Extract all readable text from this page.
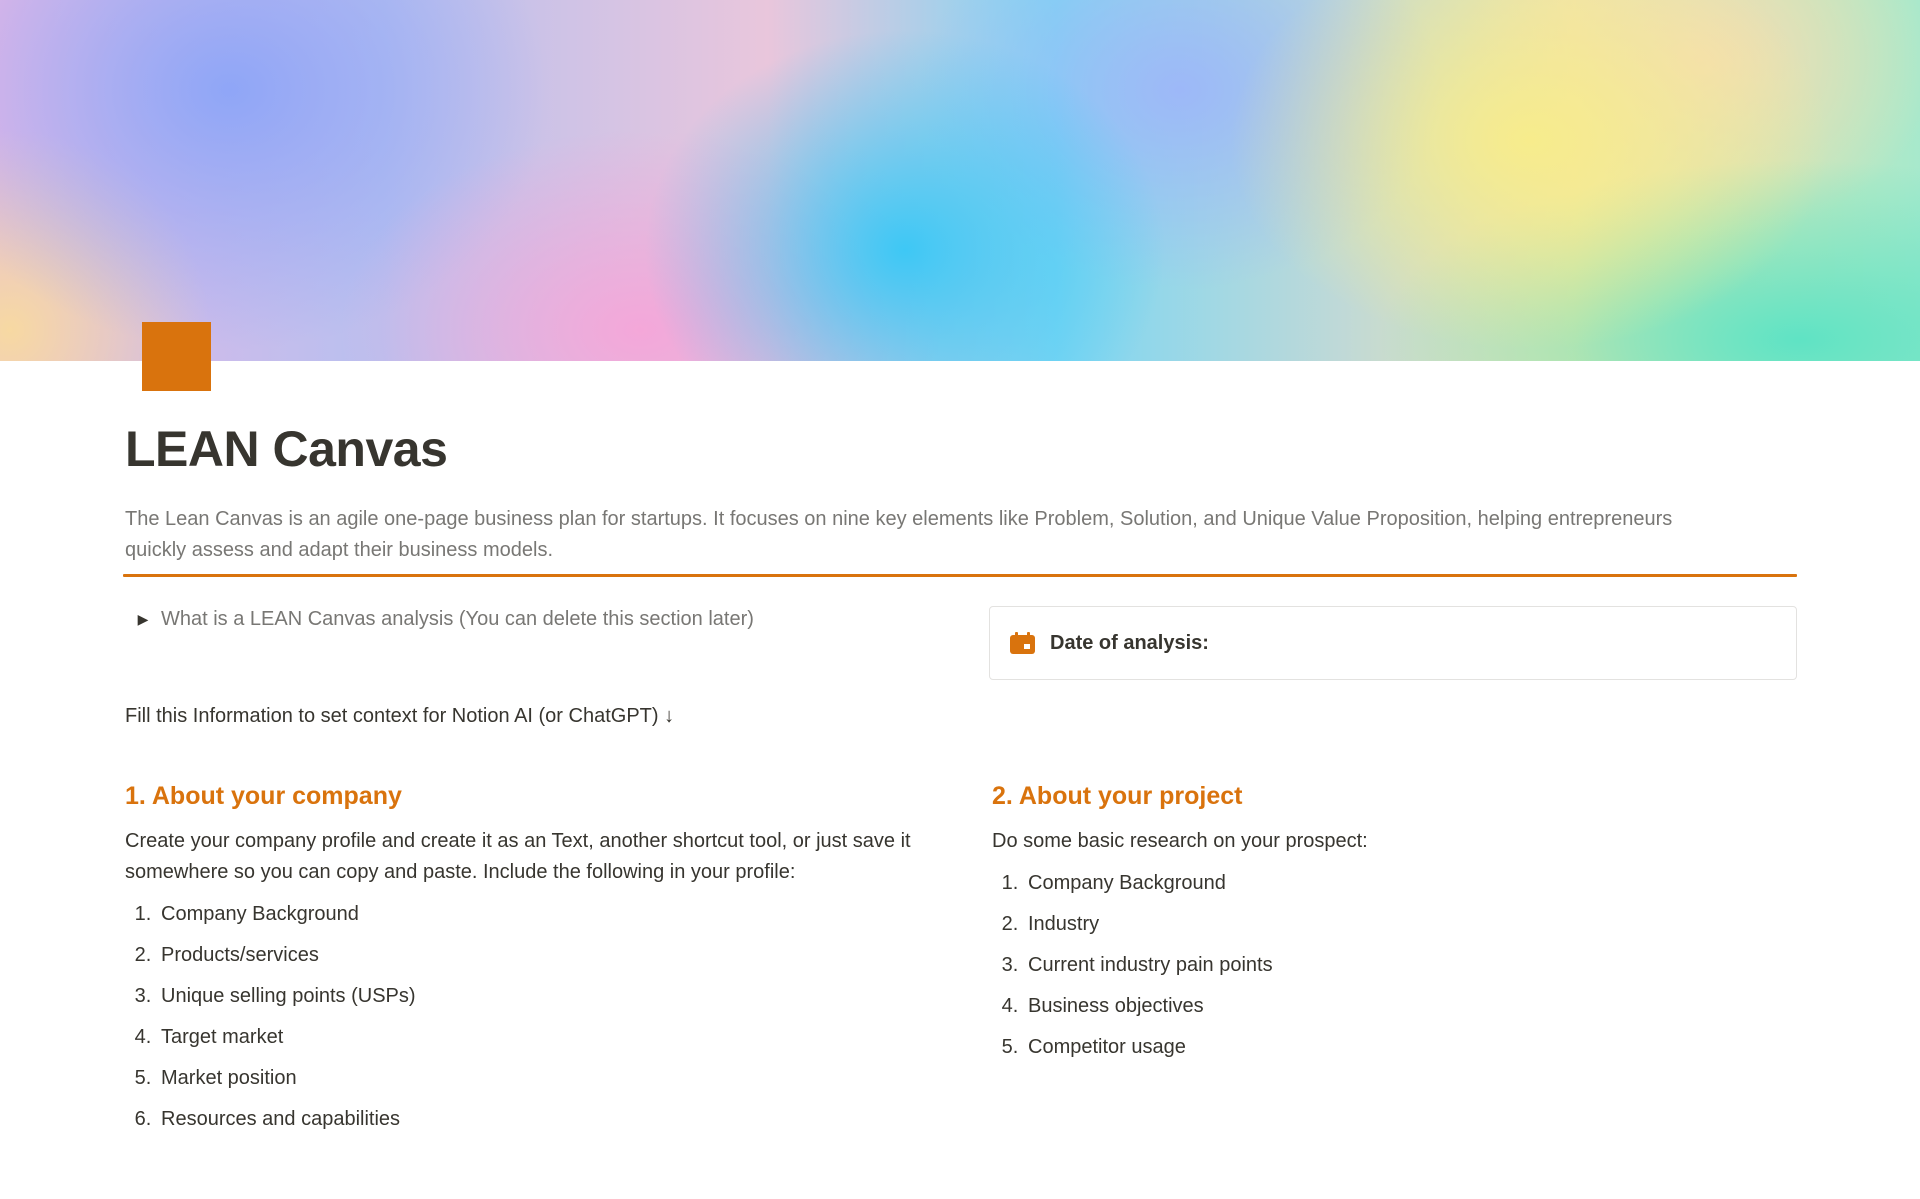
LEAN Canvas

The Lean Canvas is an agile one-page business plan for startups. It focuses on nine key elements like Problem, Solution, and Unique Value Proposition, helping entrepreneurs quickly assess and adapt their business models.

▶ What is a LEAN Canvas analysis (You can delete this section later)
Date of analysis:

Fill this Information to set context for Notion AI (or ChatGPT) ↓

1. About your company

Create your company profile and create it as an Text, another shortcut tool, or just save it somewhere so you can copy and paste. Include the following in your profile:

1. Company Background
2. Products/services
3. Unique selling points (USPs)
4. Target market
5. Market position
6. Resources and capabilities
2. About your project

Do some basic research on your prospect:

1. Company Background
2. Industry
3. Current industry pain points
4. Business objectives
5. Competitor usage
